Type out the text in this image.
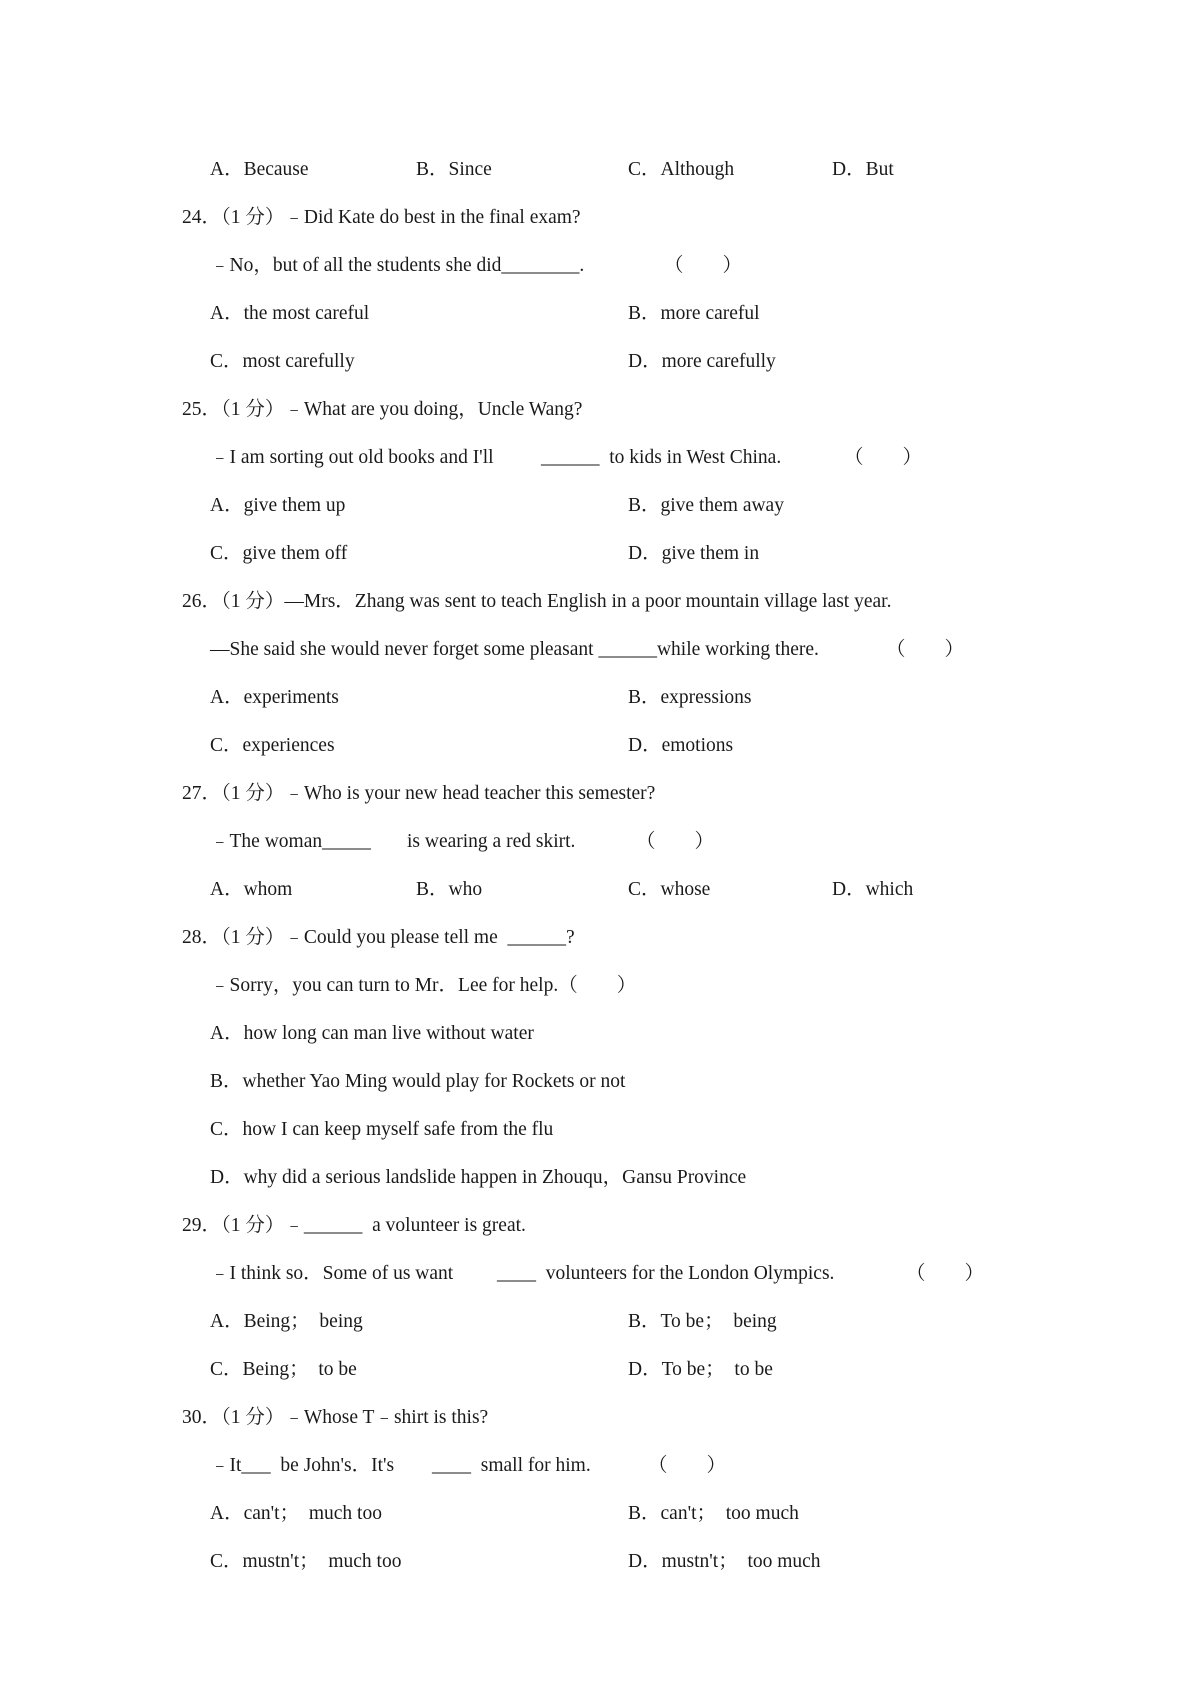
A．Because	B．Since	C．Although	D．But
24．（1 分）﹣Did Kate do best in the final exam?
﹣No，but of all the students she did________.	（　　）
A．the most careful	B．more careful
C．most carefully	D．more carefully
25．（1 分）﹣What are you doing，Uncle Wang?
﹣I am sorting out old books and I'll ______  to kids in West China.	（　　）
A．give them up	B．give them away
C．give them off	D．give them in
26．（1 分）—Mrs．Zhang was sent to teach English in a poor mountain village last year.
—She said she would never forget some pleasant ______while working there.	（　　）
A．experiments	B．expressions
C．experiences	D．emotions
27．（1 分）﹣Who is your new head teacher this semester?
﹣The woman_____ is wearing a red skirt.	（　　）
A．whom	B．who	C．whose	D．which
28．（1 分）﹣Could you please tell me  ______?
﹣Sorry，you can turn to Mr．Lee for help.（　　）
A．how long can man live without water
B．whether Yao Ming would play for Rockets or not
C．how I can keep myself safe from the flu
D．why did a serious landslide happen in Zhouqu，Gansu Province
29．（1 分）﹣______  a volunteer is great.
﹣I think so．Some of us want ____  volunteers for the London Olympics.	（　　）
A．Being；　being	B．To be；　being
C．Being；　to be	D．To be；　to be
30．（1 分）﹣Whose T﹣shirt is this?
﹣It___  be John's．It's ____  small for him.	（　　）
A．can't；　much too	B．can't；　too much
C．mustn't；　much too	D．mustn't；　too much
